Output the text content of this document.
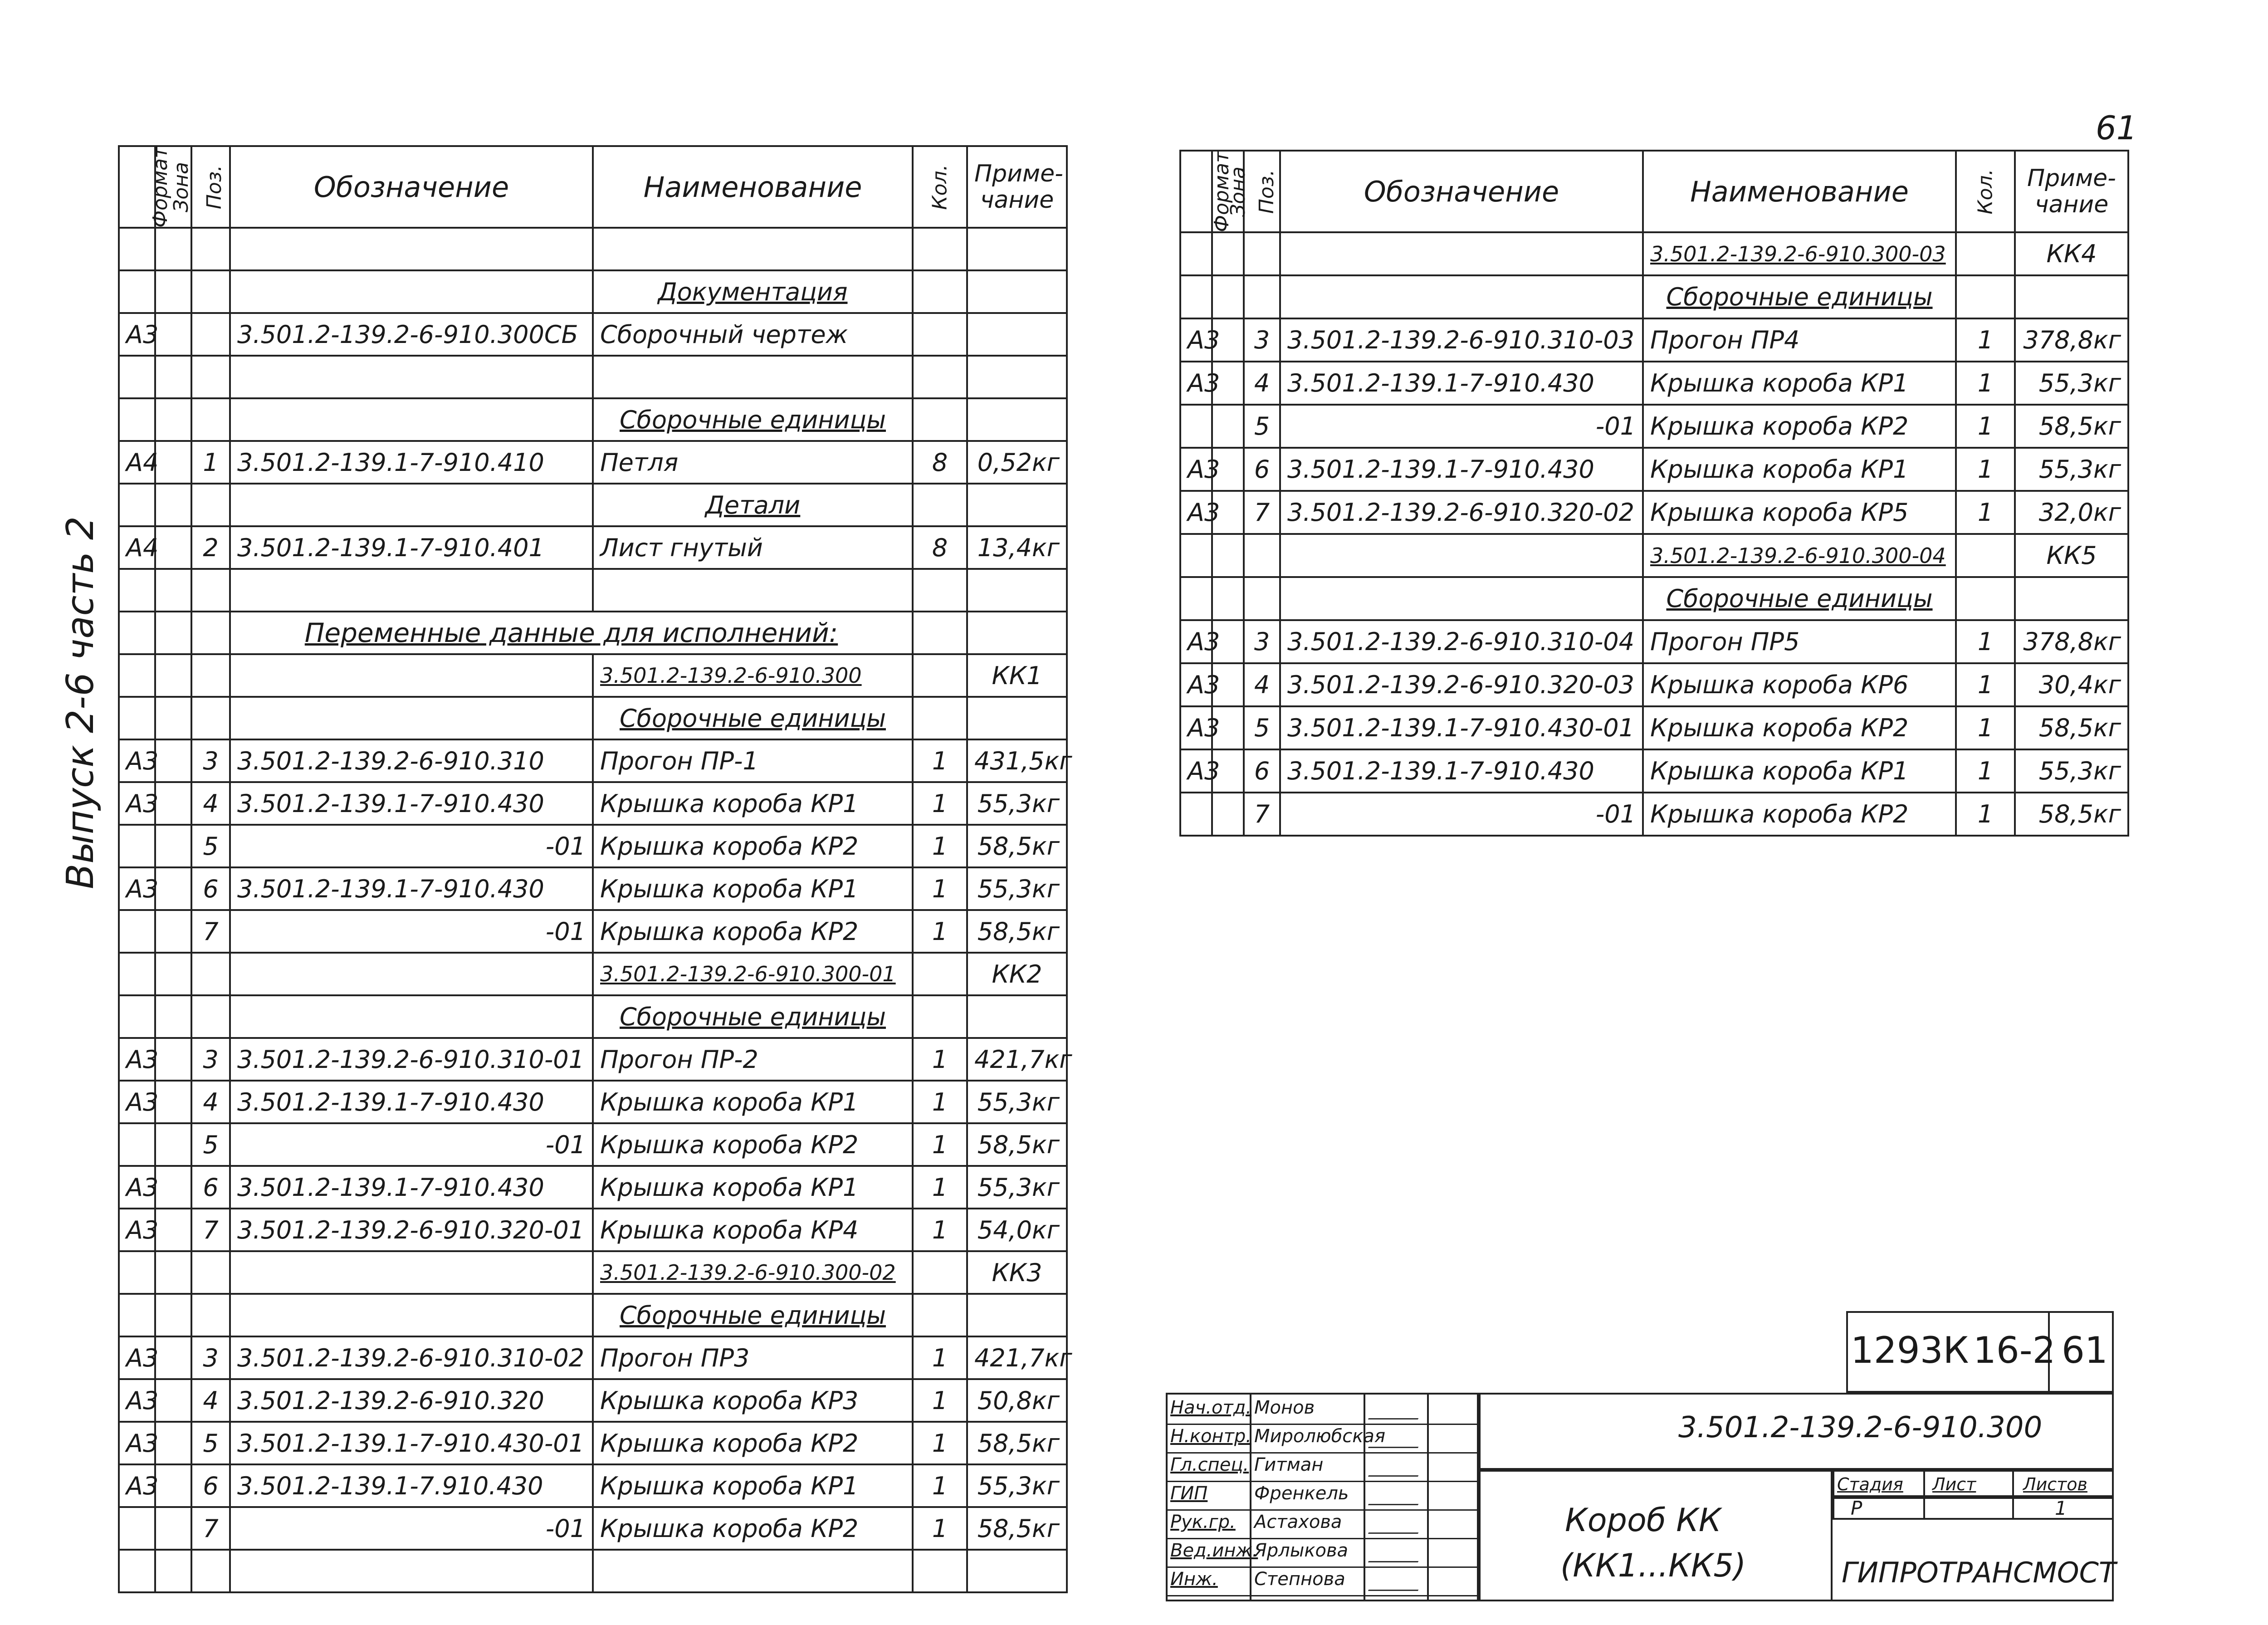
61
Выпуск 2-6 часть 2
Формат	Зона	Поз.	Обозначение	Наименование	Кол.	Приме-чание

				Документация		
А3			3.501.2-139.2-6-910.300СБ	Сборочный чертеж		

				Сборочные единицы		
А4		1	3.501.2-139.1-7-910.410	Петля	8	0,52кг
				Детали		
А4		2	3.501.2-139.1-7-910.401	Лист гнутый	8	13,4кг

			Переменные данные для исполнений:			
				3.501.2-139.2-6-910.300		КК1
				Сборочные единицы		
А3		3	3.501.2-139.2-6-910.310	Прогон ПР-1	1	431,5кг
А3		4	3.501.2-139.1-7-910.430	Крышка короба КР1	1	55,3кг
		5	-01	Крышка короба КР2	1	58,5кг
А3		6	3.501.2-139.1-7-910.430	Крышка короба КР1	1	55,3кг
		7	-01	Крышка короба КР2	1	58,5кг
				3.501.2-139.2-6-910.300-01		КК2
				Сборочные единицы		
А3		3	3.501.2-139.2-6-910.310-01	Прогон ПР-2	1	421,7кг
А3		4	3.501.2-139.1-7-910.430	Крышка короба КР1	1	55,3кг
		5	-01	Крышка короба КР2	1	58,5кг
А3		6	3.501.2-139.1-7-910.430	Крышка короба КР1	1	55,3кг
А3		7	3.501.2-139.2-6-910.320-01	Крышка короба КР4	1	54,0кг
				3.501.2-139.2-6-910.300-02		КК3
				Сборочные единицы		
А3		3	3.501.2-139.2-6-910.310-02	Прогон ПР3	1	421,7кг
А3		4	3.501.2-139.2-6-910.320	Крышка короба КР3	1	50,8кг
А3		5	3.501.2-139.1-7-910.430-01	Крышка короба КР2	1	58,5кг
А3		6	3.501.2-139.1-7.910.430	Крышка короба КР1	1	55,3кг
		7	-01	Крышка короба КР2	1	58,5кг

Формат	Зона	Поз.	Обозначение	Наименование	Кол.	Приме-чание
				3.501.2-139.2-6-910.300-03		КК4
				Сборочные единицы		
А3		3	3.501.2-139.2-6-910.310-03	Прогон ПР4	1	378,8кг
А3		4	3.501.2-139.1-7-910.430	Крышка короба КР1	1	55,3кг
		5	-01	Крышка короба КР2	1	58,5кг
А3		6	3.501.2-139.1-7-910.430	Крышка короба КР1	1	55,3кг
А3		7	3.501.2-139.2-6-910.320-02	Крышка короба КР5	1	32,0кг
				3.501.2-139.2-6-910.300-04		КК5
				Сборочные единицы		
А3		3	3.501.2-139.2-6-910.310-04	Прогон ПР5	1	378,8кг
А3		4	3.501.2-139.2-6-910.320-03	Крышка короба КР6	1	30,4кг
А3		5	3.501.2-139.1-7-910.430-01	Крышка короба КР2	1	58,5кг
А3		6	3.501.2-139.1-7-910.430	Крышка короба КР1	1	55,3кг
		7	-01	Крышка короба КР2	1	58,5кг
1293К 16-2 61
3.501.2-139.2-6-910.300
Короб КК
(КК1...КК5)
Стадия Лист	Листов
Р	1
ГИПРОТРАНСМОСТ
Нач.отд. Монов
Н.контр. Миролюбская
Гл.спец. Гитман
ГИП	Френкель
Рук.гр. Астахова
Вед.инж.
Ярлыкова
Инж. Степнова
